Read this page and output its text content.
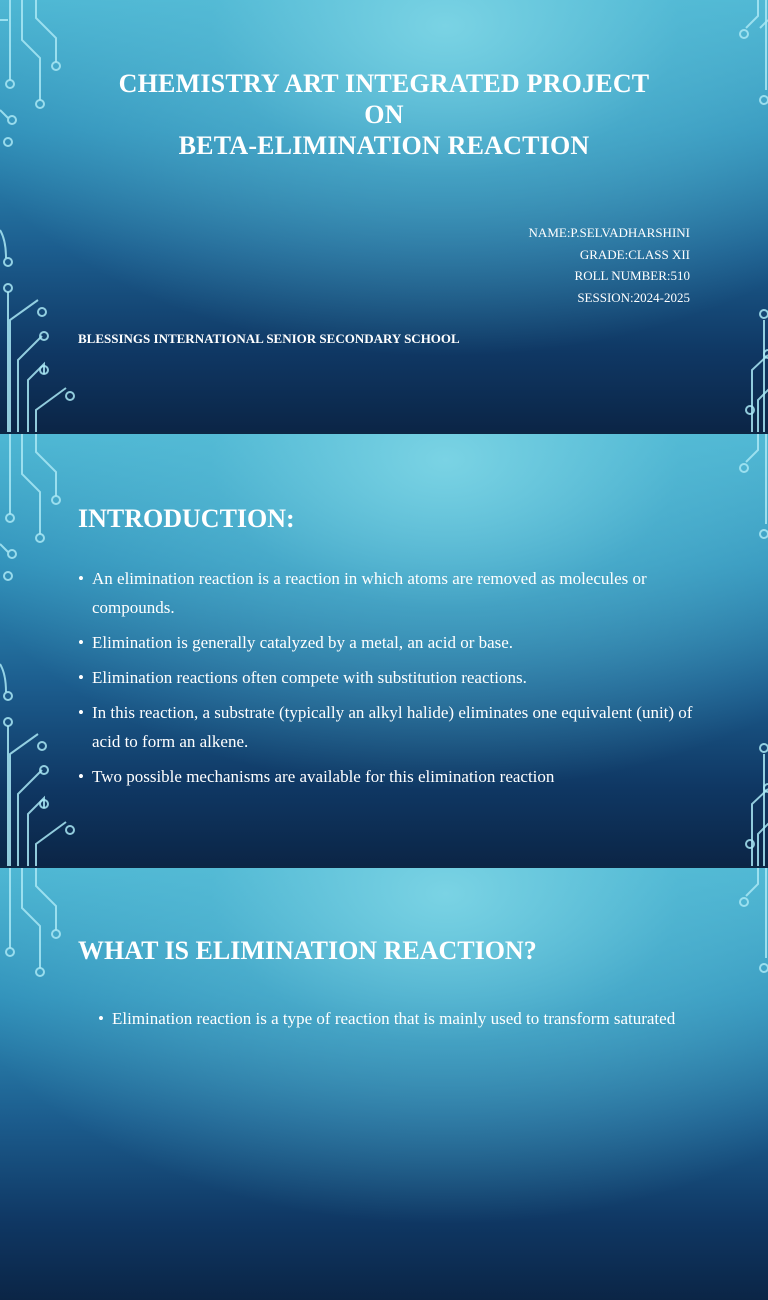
CHEMISTRY ART INTEGRATED PROJECT
ON
BETA-ELIMINATION REACTION
NAME:P.SELVADHARSHINI
GRADE:CLASS XII
ROLL NUMBER:510
SESSION:2024-2025
BLESSINGS INTERNATIONAL SENIOR SECONDARY SCHOOL
INTRODUCTION:
• An elimination reaction is a reaction in which atoms are removed as molecules or compounds.
• Elimination is generally catalyzed by a metal, an acid or base.
• Elimination reactions often compete with substitution reactions.
• In this reaction, a substrate (typically an alkyl halide) eliminates one equivalent (unit) of acid to form an alkene.
• Two possible mechanisms are available for this elimination reaction
WHAT IS ELIMINATION REACTION?
• Elimination reaction is a type of reaction that is mainly used to transform saturated
